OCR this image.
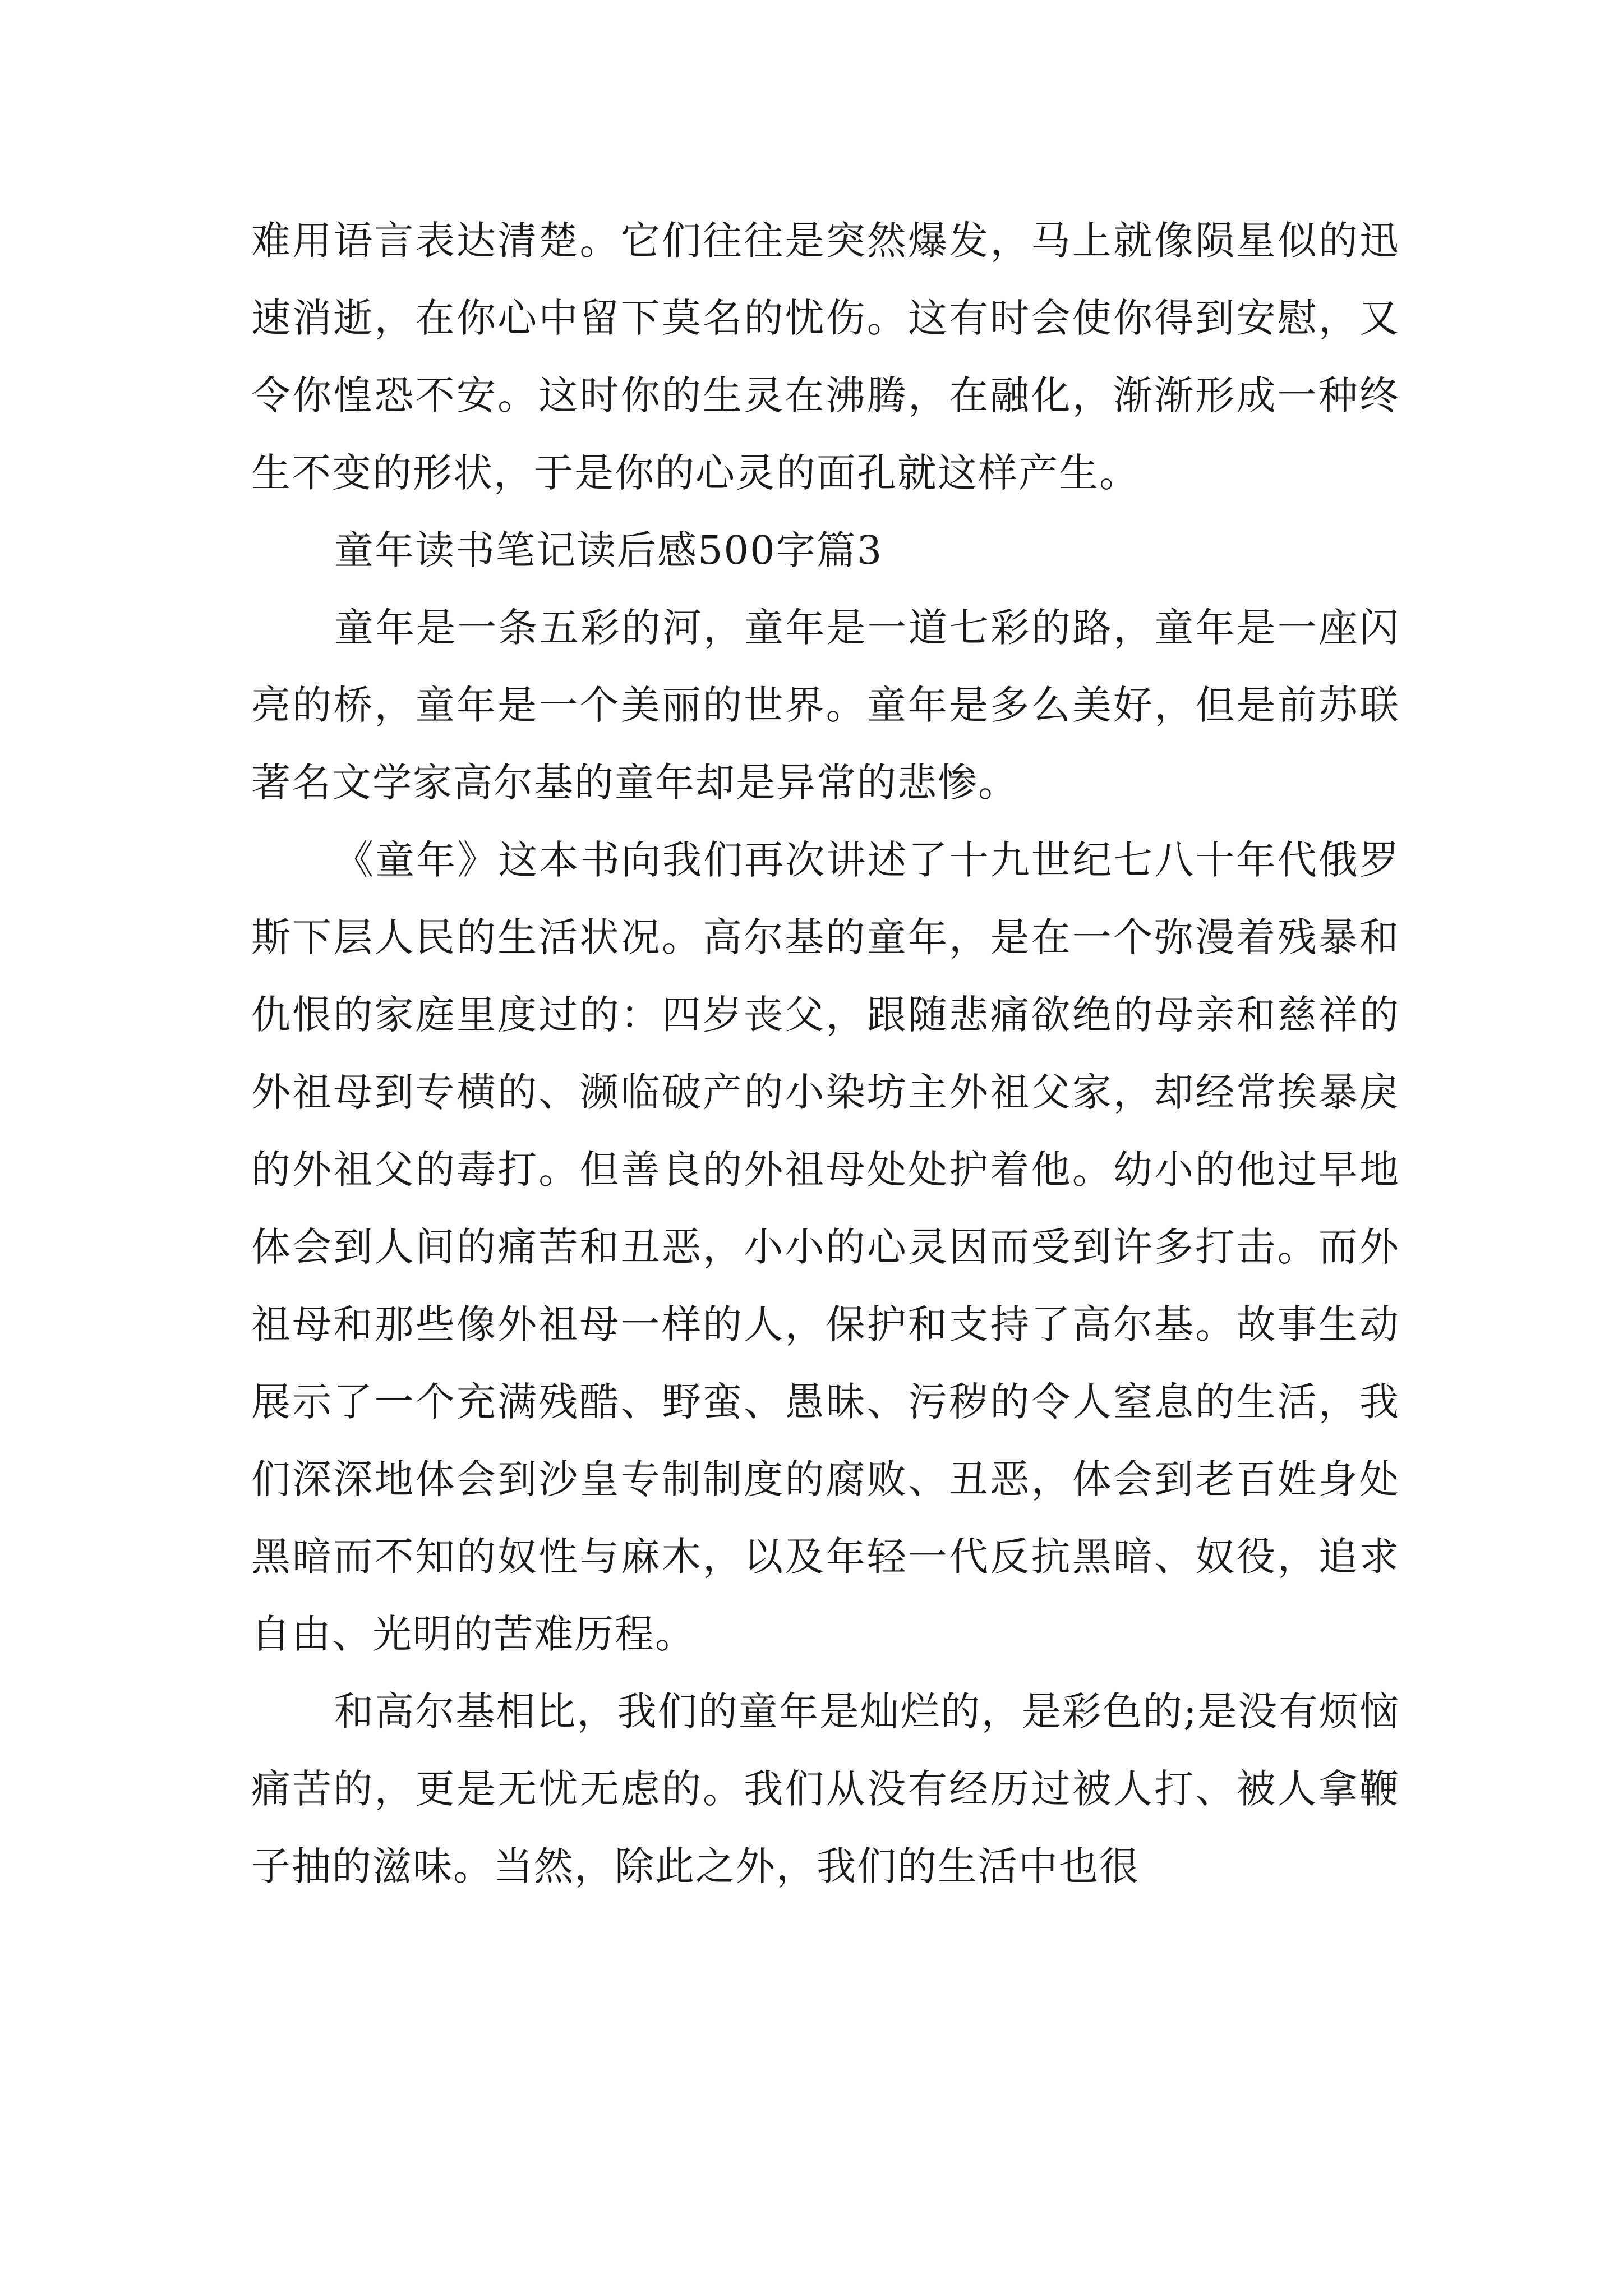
难用语言表达清楚。它们往往是突然爆发，马上就像陨星似的迅速消逝，在你心中留下莫名的忧伤。这有时会使你得到安慰，又令你惶恐不安。这时你的生灵在沸腾，在融化，渐渐形成一种终生不变的形状，于是你的心灵的面孔就这样产生。

童年读书笔记读后感500字篇3

童年是一条五彩的河，童年是一道七彩的路，童年是一座闪亮的桥，童年是一个美丽的世界。童年是多么美好，但是前苏联著名文学家高尔基的童年却是异常的悲惨。

《童年》这本书向我们再次讲述了十九世纪七八十年代俄罗斯下层人民的生活状况。高尔基的童年，是在一个弥漫着残暴和仇恨的家庭里度过的：四岁丧父，跟随悲痛欲绝的母亲和慈祥的外祖母到专横的、濒临破产的小染坊主外祖父家，却经常挨暴戾的外祖父的毒打。但善良的外祖母处处护着他。幼小的他过早地体会到人间的痛苦和丑恶，小小的心灵因而受到许多打击。而外祖母和那些像外祖母一样的人，保护和支持了高尔基。故事生动展示了一个充满残酷、野蛮、愚昧、污秽的令人窒息的生活，我们深深地体会到沙皇专制制度的腐败、丑恶，体会到老百姓身处黑暗而不知的奴性与麻木，以及年轻一代反抗黑暗、奴役，追求自由、光明的苦难历程。

和高尔基相比，我们的童年是灿烂的，是彩色的;是没有烦恼痛苦的，更是无忧无虑的。我们从没有经历过被人打、被人拿鞭子抽的滋味。当然，除此之外，我们的生活中也很
